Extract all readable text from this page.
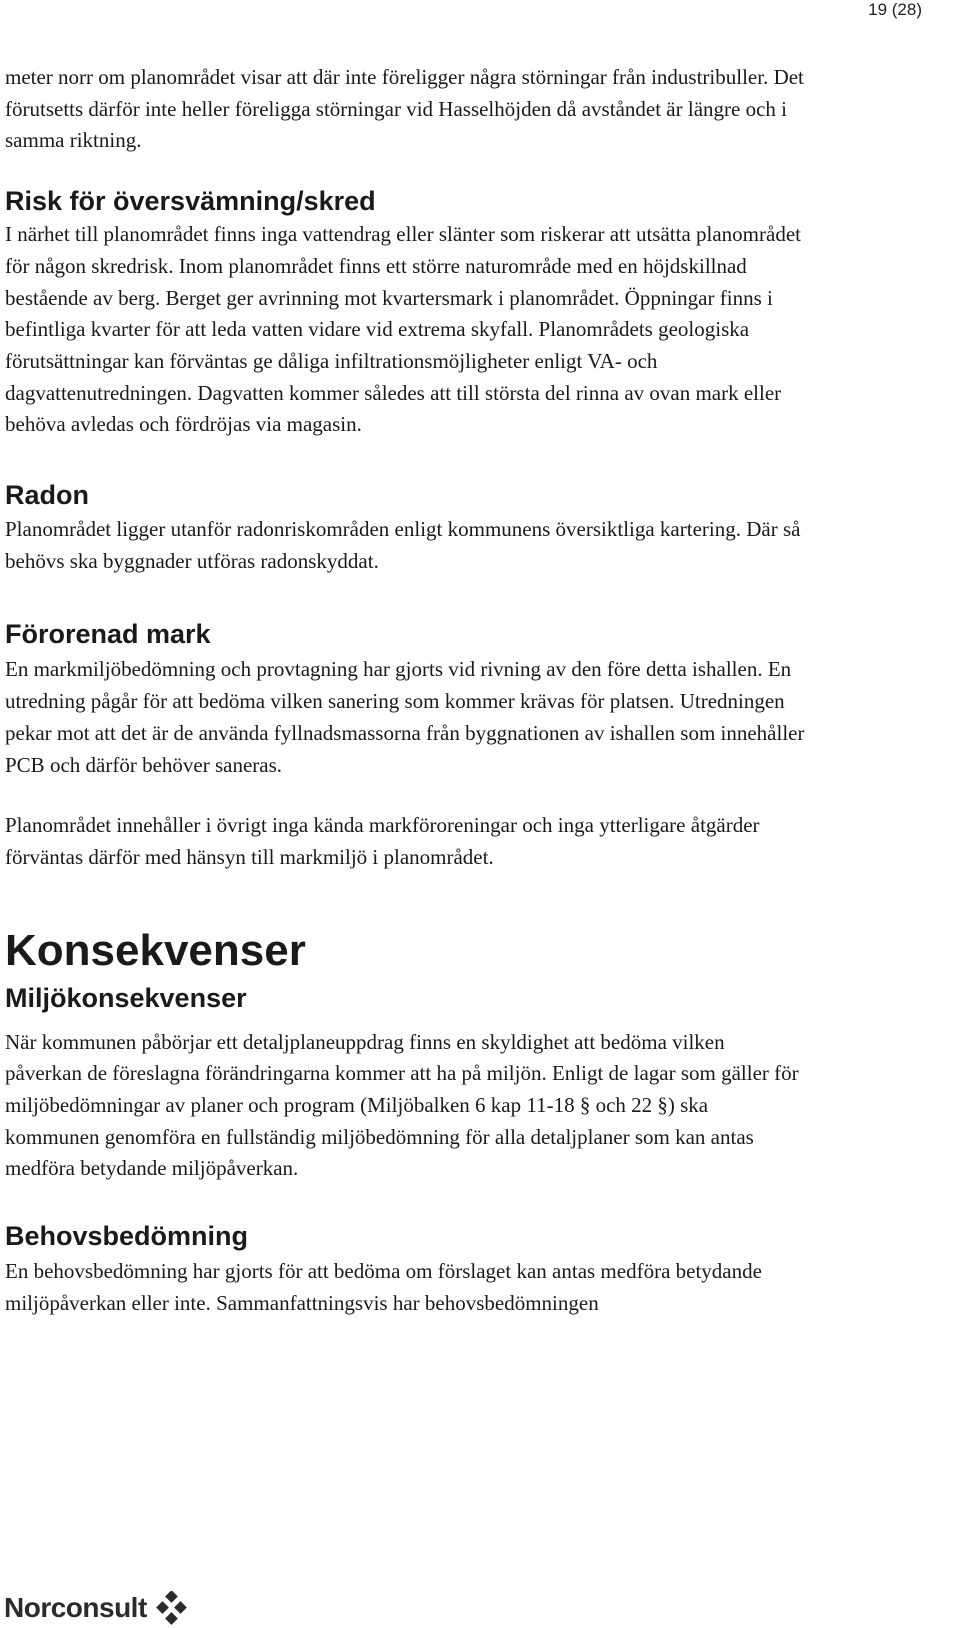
19 (28)

meter norr om planområdet visar att där inte föreligger några störningar från industribuller. Det förutsetts därför inte heller föreligga störningar vid Hasselhöjden då avståndet är längre och i samma riktning.

Risk för översvämning/skred

I närhet till planområdet finns inga vattendrag eller slänter som riskerar att utsätta planområdet för någon skredrisk. Inom planområdet finns ett större naturområde med en höjdskillnad bestående av berg. Berget ger avrinning mot kvartersmark i planområdet. Öppningar finns i befintliga kvarter för att leda vatten vidare vid extrema skyfall. Planområdets geologiska förutsättningar kan förväntas ge dåliga infiltrationsmöjligheter enligt VA- och dagvattenutredningen. Dagvatten kommer således att till största del rinna av ovan mark eller behöva avledas och fördröjas via magasin.

Radon

Planområdet ligger utanför radonriskområden enligt kommunens översiktliga kartering. Där så behövs ska byggnader utföras radonskyddat.

Förorenad mark

En markmiljöbedömning och provtagning har gjorts vid rivning av den före detta ishallen. En utredning pågår för att bedöma vilken sanering som kommer krävas för platsen. Utredningen pekar mot att det är de använda fyllnadsmassorna från byggnationen av ishallen som innehåller PCB och därför behöver saneras.

Planområdet innehåller i övrigt inga kända markföroreningar och inga ytterligare åtgärder förväntas därför med hänsyn till markmiljö i planområdet.

Konsekvenser
Miljökonsekvenser

När kommunen påbörjar ett detaljplaneuppdrag finns en skyldighet att bedöma vilken påverkan de föreslagna förändringarna kommer att ha på miljön. Enligt de lagar som gäller för miljöbedömningar av planer och program (Miljöbalken 6 kap 11-18 § och 22 §) ska kommunen genomföra en fullständig miljöbedömning för alla detaljplaner som kan antas medföra betydande miljöpåverkan.

Behovsbedömning

En behovsbedömning har gjorts för att bedöma om förslaget kan antas medföra betydande miljöpåverkan eller inte. Sammanfattningsvis har behovsbedömningen

Norconsult
